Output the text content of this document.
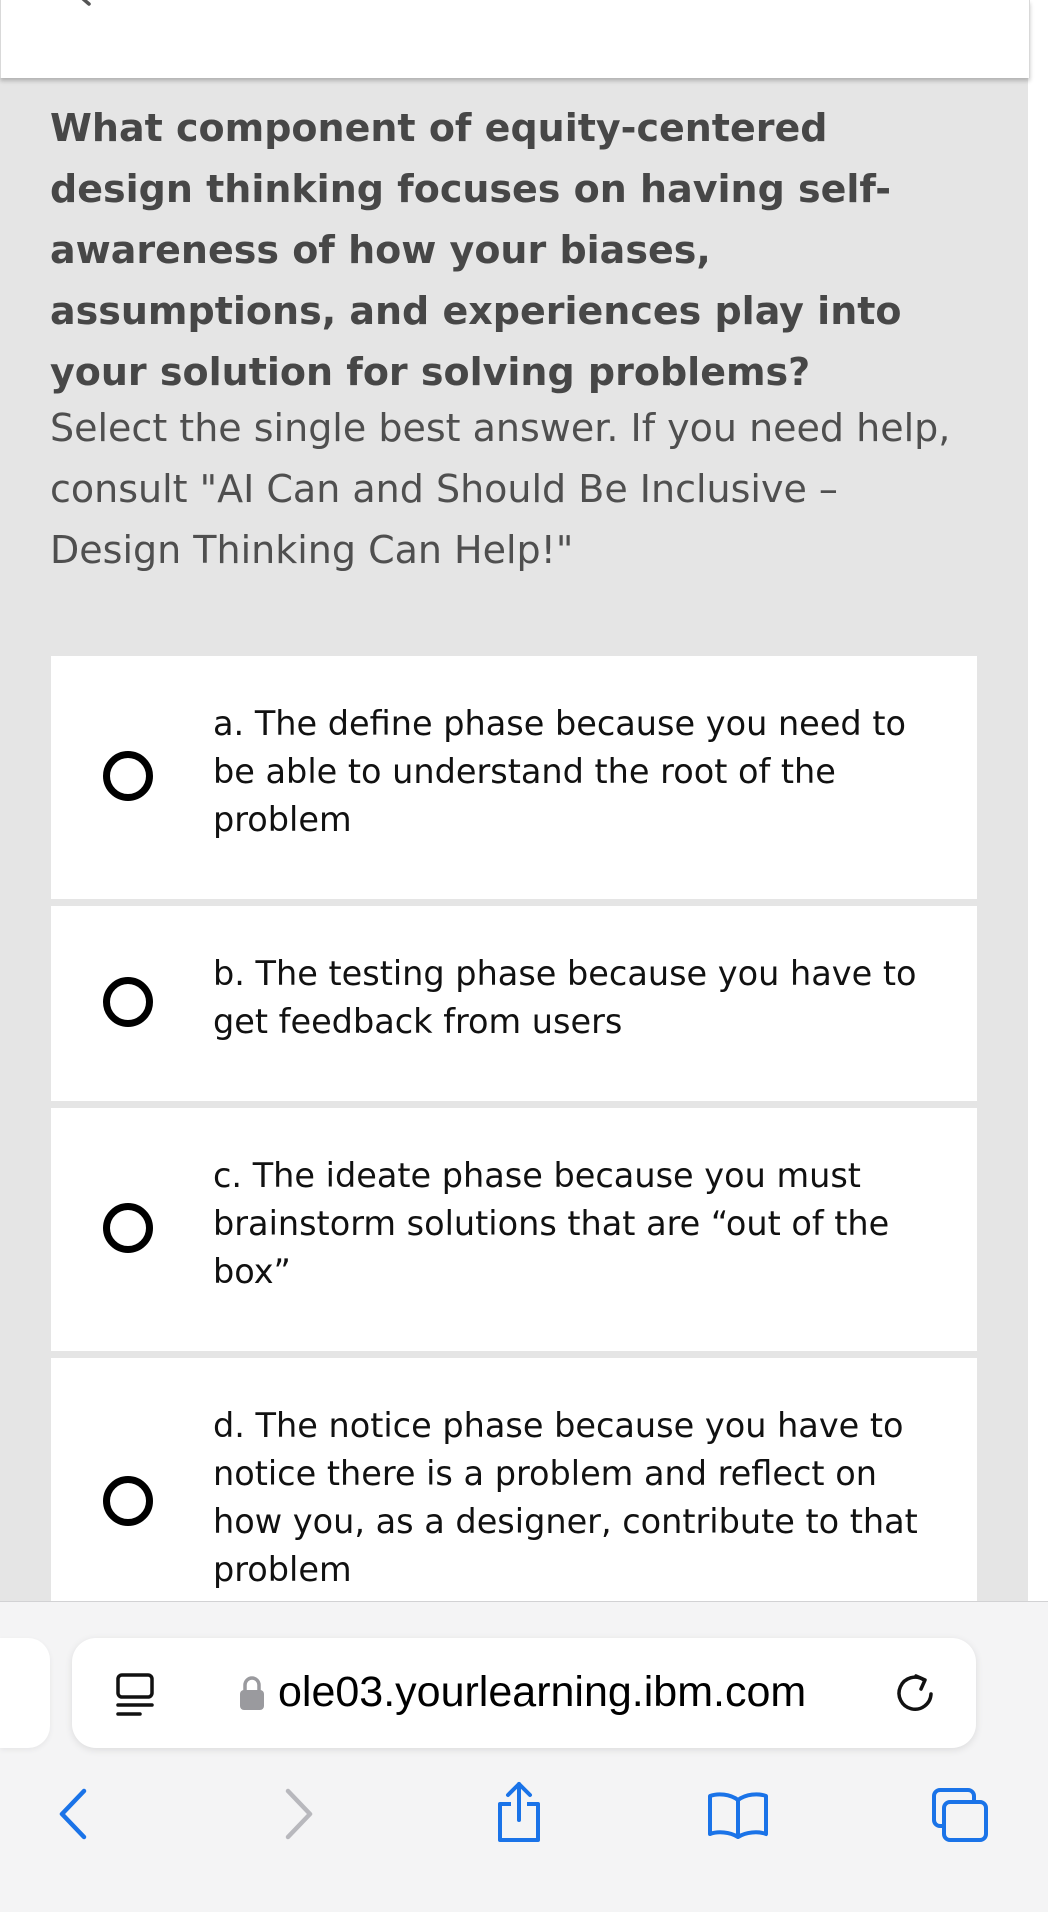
What component of equity-centered design thinking focuses on having self-awareness of how your biases, assumptions, and experiences play into your solution for solving problems?

Select the single best answer. If you need help, consult "AI Can and Should Be Inclusive – Design Thinking Can Help!"

a. The define phase because you need to be able to understand the root of the problem
b. The testing phase because you have to get feedback from users
c. The ideate phase because you must brainstorm solutions that are “out of the box”
d. The notice phase because you have to notice there is a problem and reflect on how you, as a designer, contribute to that problem
ole03.yourlearning.ibm.com
